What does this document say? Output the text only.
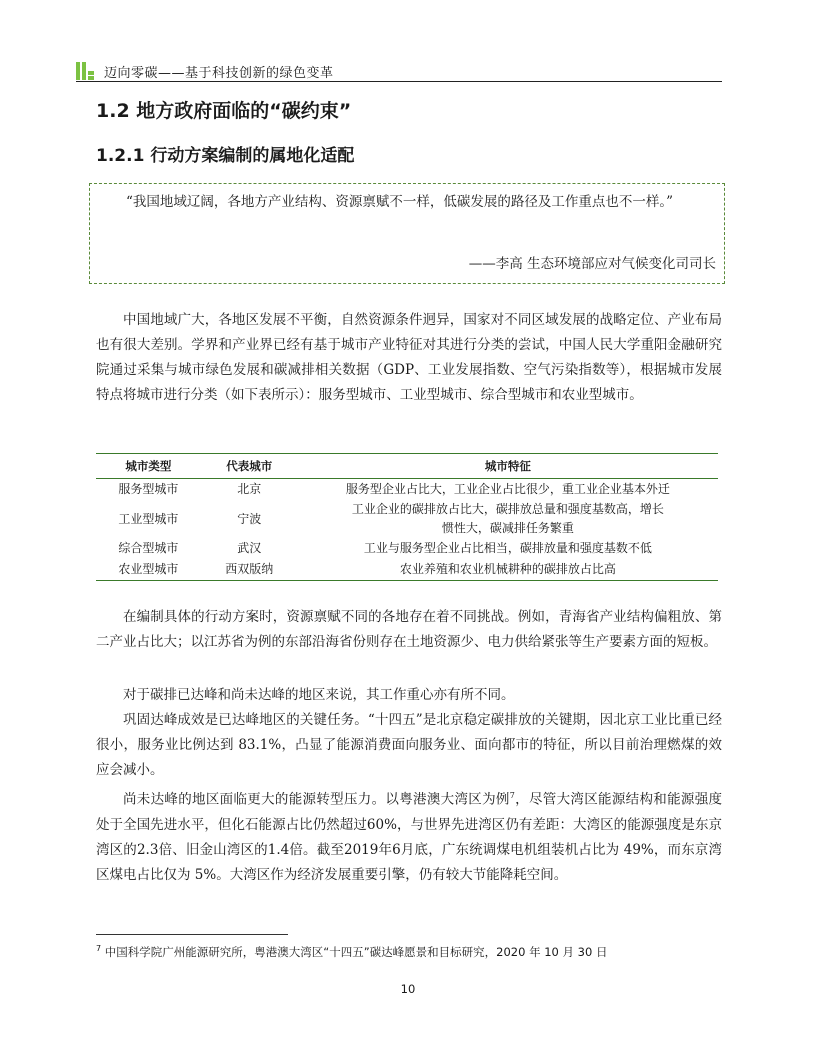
迈向零碳——基于科技创新的绿色变革
1.2 地方政府面临的“碳约束”
1.2.1 行动方案编制的属地化适配
“我国地域辽阔，各地方产业结构、资源禀赋不一样，低碳发展的路径及工作重点也不一样。”
——李高 生态环境部应对气候变化司司长

中国地域广大，各地区发展不平衡，自然资源条件迥异，国家对不同区域发展的战略定位、产业布局也有很大差别。学界和产业界已经有基于城市产业特征对其进行分类的尝试，中国人民大学重阳金融研究院通过采集与城市绿色发展和碳减排相关数据（GDP、工业发展指数、空气污染指数等），根据城市发展特点将城市进行分类（如下表所示）：服务型城市、工业型城市、综合型城市和农业型城市。

城市类型	代表城市	城市特征
服务型城市	北京	服务型企业占比大，工业企业占比很少，重工业企业基本外迁
工业型城市	宁波	工业企业的碳排放占比大，碳排放总量和强度基数高，增长惯性大，碳减排任务繁重
综合型城市	武汉	工业与服务型企业占比相当，碳排放量和强度基数不低
农业型城市	西双版纳	农业养殖和农业机械耕种的碳排放占比高

在编制具体的行动方案时，资源禀赋不同的各地存在着不同挑战。例如，青海省产业结构偏粗放、第二产业占比大；以江苏省为例的东部沿海省份则存在土地资源少、电力供给紧张等生产要素方面的短板。

对于碳排已达峰和尚未达峰的地区来说，其工作重心亦有所不同。

巩固达峰成效是已达峰地区的关键任务。“十四五”是北京稳定碳排放的关键期，因北京工业比重已经很小，服务业比例达到 83.1%，凸显了能源消费面向服务业、面向都市的特征，所以目前治理燃煤的效应会减小。

尚未达峰的地区面临更大的能源转型压力。以粤港澳大湾区为例$^7$，尽管大湾区能源结构和能源强度处于全国先进水平，但化石能源占比仍然超过60%，与世界先进湾区仍有差距：大湾区的能源强度是东京湾区的2.3倍、旧金山湾区的1.4倍。截至2019年6月底，广东统调煤电机组装机占比为 49%，而东京湾区煤电占比仅为 5%。大湾区作为经济发展重要引擎，仍有较大节能降耗空间。

$^7$ 中国科学院广州能源研究所，粤港澳大湾区“十四五”碳达峰愿景和目标研究，2020 年 10 月 30 日
10
